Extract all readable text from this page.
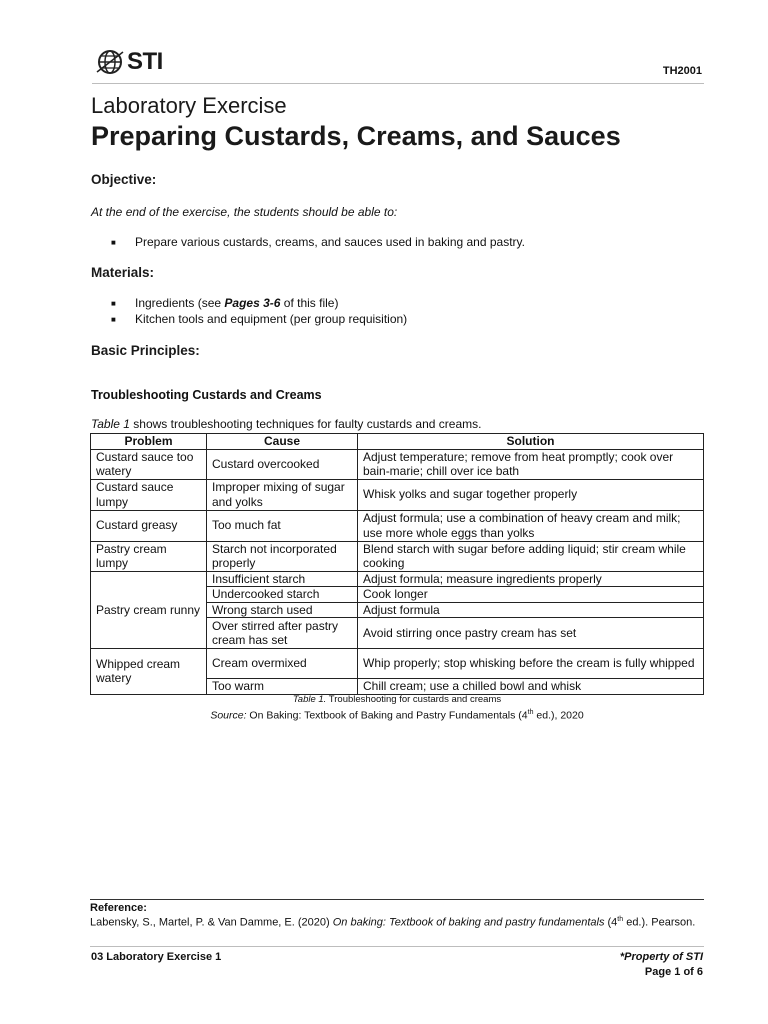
STI	TH2001
Laboratory Exercise
Preparing Custards, Creams, and Sauces
Objective:
At the end of the exercise, the students should be able to:
■	Prepare various custards, creams, and sauces used in baking and pastry.
Materials:
■	Ingredients (see Pages 3-6 of this file)
■	Kitchen tools and equipment (per group requisition)
Basic Principles:
Troubleshooting Custards and Creams
Table 1 shows troubleshooting techniques for faulty custards and creams.
Problem	Cause	Solution
Custard sauce too watery	Custard overcooked	Adjust temperature; remove from heat promptly; cook over bain-marie; chill over ice bath
Custard sauce lumpy	Improper mixing of sugar and yolks	Whisk yolks and sugar together properly
Custard greasy	Too much fat	Adjust formula; use a combination of heavy cream and milk; use more whole eggs than yolks
Pastry cream lumpy	Starch not incorporated properly	Blend starch with sugar before adding liquid; stir cream while cooking
Pastry cream runny	Insufficient starch	Adjust formula; measure ingredients properly
	Undercooked starch	Cook longer
	Wrong starch used	Adjust formula
	Over stirred after pastry cream has set	Avoid stirring once pastry cream has set
Whipped cream watery	Cream overmixed	Whip properly; stop whisking before the cream is fully whipped
	Too warm	Chill cream; use a chilled bowl and whisk
Table 1. Troubleshooting for custards and creams
Source: On Baking: Textbook of Baking and Pastry Fundamentals (4th ed.), 2020
Reference:
Labensky, S., Martel, P. & Van Damme, E. (2020) On baking: Textbook of baking and pastry fundamentals (4th ed.). Pearson.
03 Laboratory Exercise 1	*Property of STI
Page 1 of 6
